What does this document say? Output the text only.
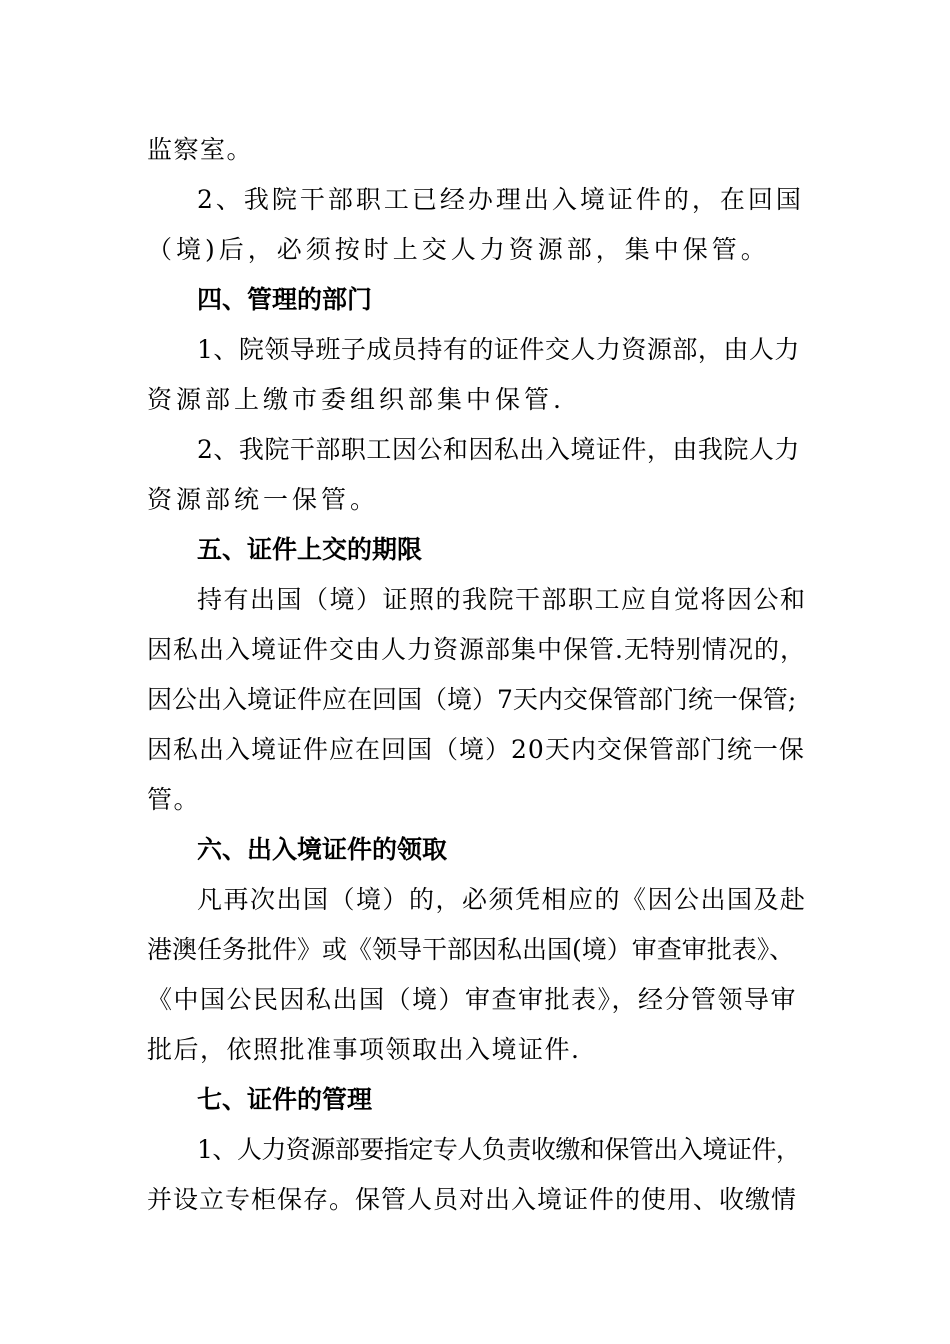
监察室。
2、我院干部职工已经办理出入境证件的，在回国
（境)后，必须按时上交人力资源部，集中保管。
四、管理的部门
1、院领导班子成员持有的证件交人力资源部，由人力
资源部上缴市委组织部集中保管.
2、我院干部职工因公和因私出入境证件，由我院人力
资源部统一保管。
五、证件上交的期限
持有出国（境）证照的我院干部职工应自觉将因公和
因私出入境证件交由人力资源部集中保管.无特别情况的，
因公出入境证件应在回国（境）7天内交保管部门统一保管;
因私出入境证件应在回国（境）20天内交保管部门统一保
管。
六、出入境证件的领取
凡再次出国（境）的，必须凭相应的《因公出国及赴
港澳任务批件》或《领导干部因私出国(境）审查审批表》、
《中国公民因私出国（境）审查审批表》，经分管领导审
批后，依照批准事项领取出入境证件.
七、证件的管理
1、人力资源部要指定专人负责收缴和保管出入境证件，
并设立专柜保存。保管人员对出入境证件的使用、收缴情
